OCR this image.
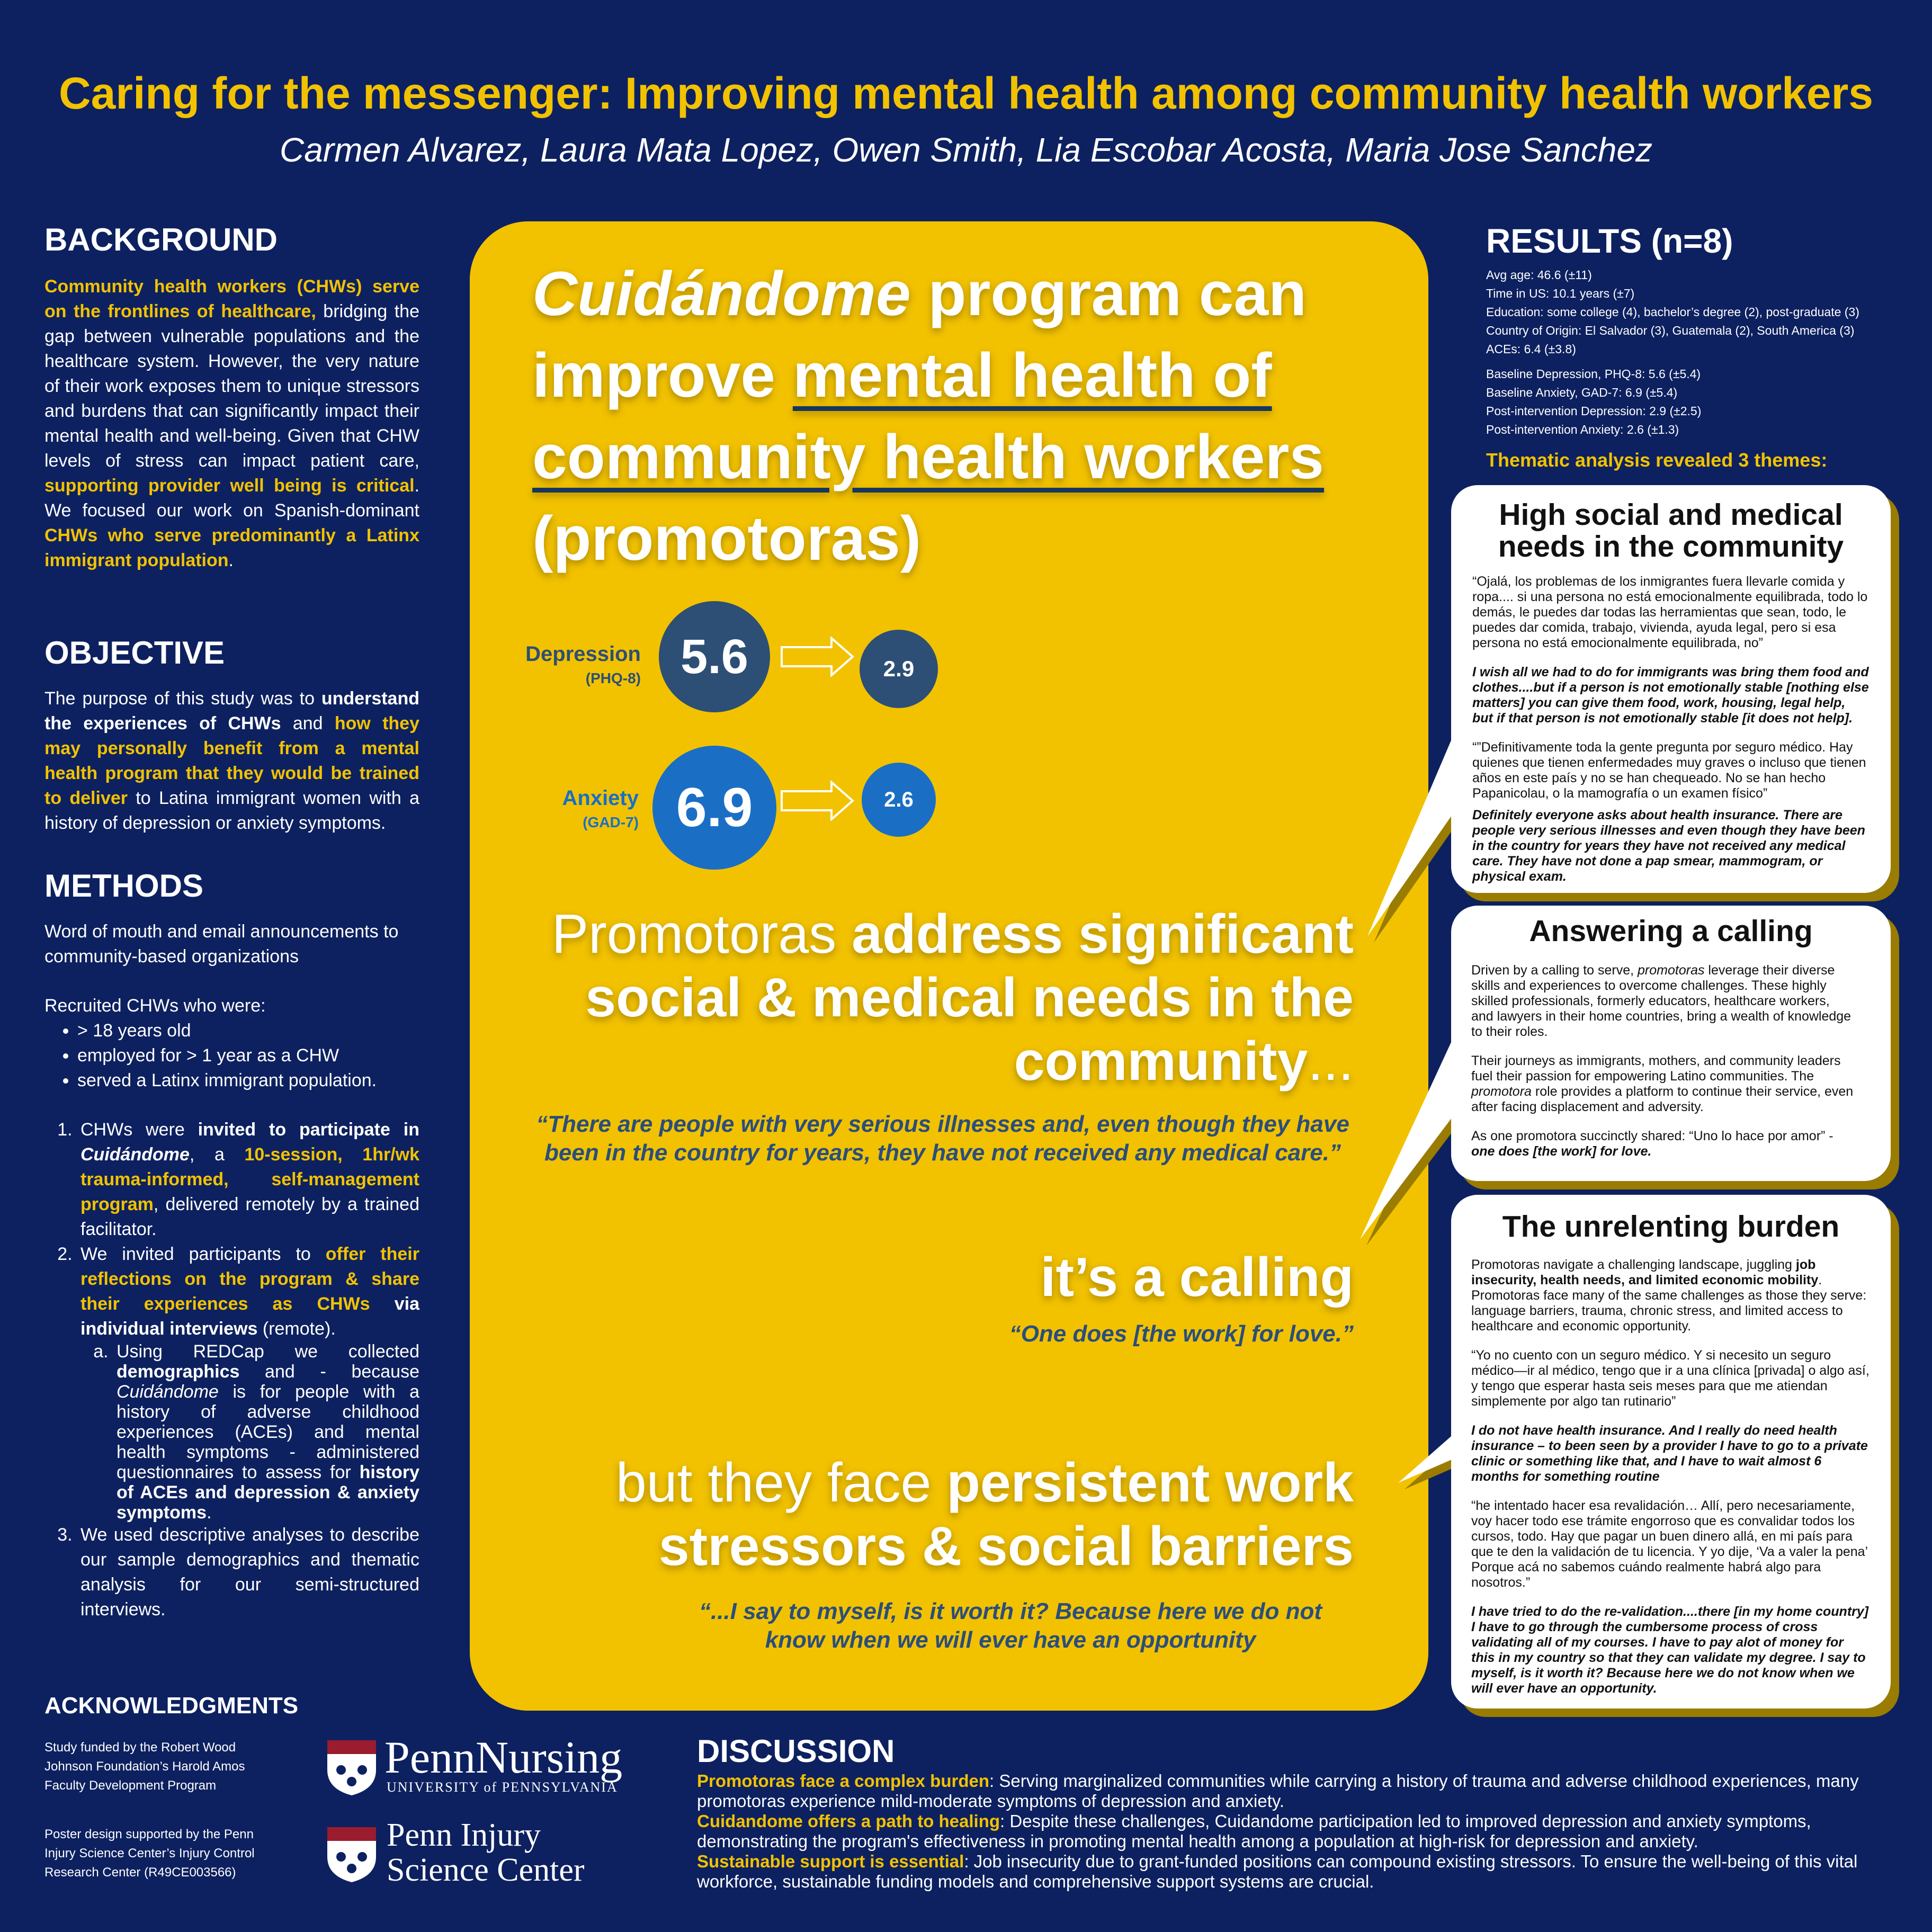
Caring for the messenger: Improving mental health among community health workers
Carmen Alvarez, Laura Mata Lopez, Owen Smith, Lia Escobar Acosta, Maria Jose Sanchez
BACKGROUND
Community health workers (CHWs) serve on the frontlines of healthcare, bridging the gap between vulnerable populations and the healthcare system. However, the very nature of their work exposes them to unique stressors and burdens that can significantly impact their mental health and well-being. Given that CHW levels of stress can impact patient care, supporting provider well being is critical. We focused our work on Spanish-dominant CHWs who serve predominantly a Latinx immigrant population.
OBJECTIVE
The purpose of this study was to understand the experiences of CHWs and how they may personally benefit from a mental health program that they would be trained to deliver to Latina immigrant women with a history of depression or anxiety symptoms.
METHODS
Word of mouth and email announcements to community-based organizations
Recruited CHWs who were:
• > 18 years old
• employed for > 1 year as a CHW
• served a Latinx immigrant population.
1. CHWs were invited to participate in Cuidándome, a 10-session, 1hr/wk trauma-informed, self-management program, delivered remotely by a trained facilitator.
2. We invited participants to offer their reflections on the program & share their experiences as CHWs via individual interviews (remote).
a. Using REDCap we collected demographics and - because Cuidándome is for people with a history of adverse childhood experiences (ACEs) and mental health symptoms - administered questionnaires to assess for history of ACEs and depression & anxiety symptoms.
3. We used descriptive analyses to describe our sample demographics and thematic analysis for our semi-structured interviews.
Cuidándome program can improve mental health of community health workers (promotoras)
Depression
(PHQ-8) 5.6	2.9
Anxiety
(GAD-7) 6.9	2.6
Promotoras address significant social & medical needs in the community...
“There are people with very serious illnesses and, even though they have been in the country for years, they have not received any medical care.”
it’s a calling
“One does [the work] for love.”
but they face persistent work stressors & social barriers
“...I say to myself, is it worth it? Because here we do not know when we will ever have an opportunity
RESULTS (n=8)
Avg age: 46.6 (±11)
Time in US: 10.1 years (±7)
Education: some college (4), bachelor’s degree (2), post-graduate (3)
Country of Origin: El Salvador (3), Guatemala (2), South America (3)
ACEs: 6.4 (±3.8)
Baseline Depression, PHQ-8: 5.6 (±5.4)
Baseline Anxiety, GAD-7: 6.9 (±5.4)
Post-intervention Depression: 2.9 (±2.5)
Post-intervention Anxiety: 2.6 (±1.3)
Thematic analysis revealed 3 themes:
High social and medical needs in the community

“Ojalá, los problemas de los inmigrantes fuera llevarle comida y ropa.... si una persona no está emocionalmente equilibrada, todo lo demás, le puedes dar todas las herramientas que sean, todo, le puedes dar comida, trabajo, vivienda, ayuda legal, pero si esa persona no está emocionalmente equilibrada, no”

I wish all we had to do for immigrants was bring them food and clothes....but if a person is not emotionally stable [nothing else matters] you can give them food, work, housing, legal help, but if that person is not emotionally stable [it does not help].

“”Definitivamente toda la gente pregunta por seguro médico. Hay quienes que tienen enfermedades muy graves o incluso que tienen años en este país y no se han chequeado. No se han hecho Papanicolau, o la mamografía o un examen físico”

Definitely everyone asks about health insurance. There are people very serious illnesses and even though they have been in the country for years they have not received any medical care. They have not done a pap smear, mammogram, or physical exam.

Answering a calling

Driven by a calling to serve, promotoras leverage their diverse skills and experiences to overcome challenges. These highly skilled professionals, formerly educators, healthcare workers, and lawyers in their home countries, bring a wealth of knowledge to their roles.

Their journeys as immigrants, mothers, and community leaders fuel their passion for empowering Latino communities. The promotora role provides a platform to continue their service, even after facing displacement and adversity.

As one promotora succinctly shared: “Uno lo hace por amor” - one does [the work] for love.

The unrelenting burden

Promotoras navigate a challenging landscape, juggling job insecurity, health needs, and limited economic mobility. Promotoras face many of the same challenges as those they serve: language barriers, trauma, chronic stress, and limited access to healthcare and economic opportunity.

“Yo no cuento con un seguro médico. Y si necesito un seguro médico—ir al médico, tengo que ir a una clínica [privada] o algo así, y tengo que esperar hasta seis meses para que me atiendan simplemente por algo tan rutinario”

I do not have health insurance. And I really do need health insurance – to been seen by a provider I have to go to a private clinic or something like that, and I have to wait almost 6 months for something routine

“he intentado hacer esa revalidación… Allí, pero necesariamente, voy hacer todo ese trámite engorroso que es convalidar todos los cursos, todo. Hay que pagar un buen dinero allá, en mi país para que te den la validación de tu licencia. Y yo dije, ‘Va a valer la pena’ Porque acá no sabemos cuándo realmente habrá algo para nosotros.”

I have tried to do the re-validation....there [in my home country] I have to go through the cumbersome process of cross validating all of my courses. I have to pay alot of money for this in my country so that they can validate my degree. I say to myself, is it worth it? Because here we do not know when we will ever have an opportunity.

ACKNOWLEDGMENTS
Study funded by the Robert Wood Johnson Foundation’s Harold Amos Faculty Development Program
Poster design supported by the Penn Injury Science Center’s Injury Control Research Center (R49CE003566)
PennNursing
UNIVERSITY of PENNSYLVANIA
Penn Injury
Science Center
DISCUSSION
Promotoras face a complex burden: Serving marginalized communities while carrying a history of trauma and adverse childhood experiences, many promotoras experience mild-moderate symptoms of depression and anxiety.
Cuidandome offers a path to healing: Despite these challenges, Cuidandome participation led to improved depression and anxiety symptoms, demonstrating the program's effectiveness in promoting mental health among a population at high-risk for depression and anxiety.
Sustainable support is essential: Job insecurity due to grant-funded positions can compound existing stressors. To ensure the well-being of this vital workforce, sustainable funding models and comprehensive support systems are crucial.
